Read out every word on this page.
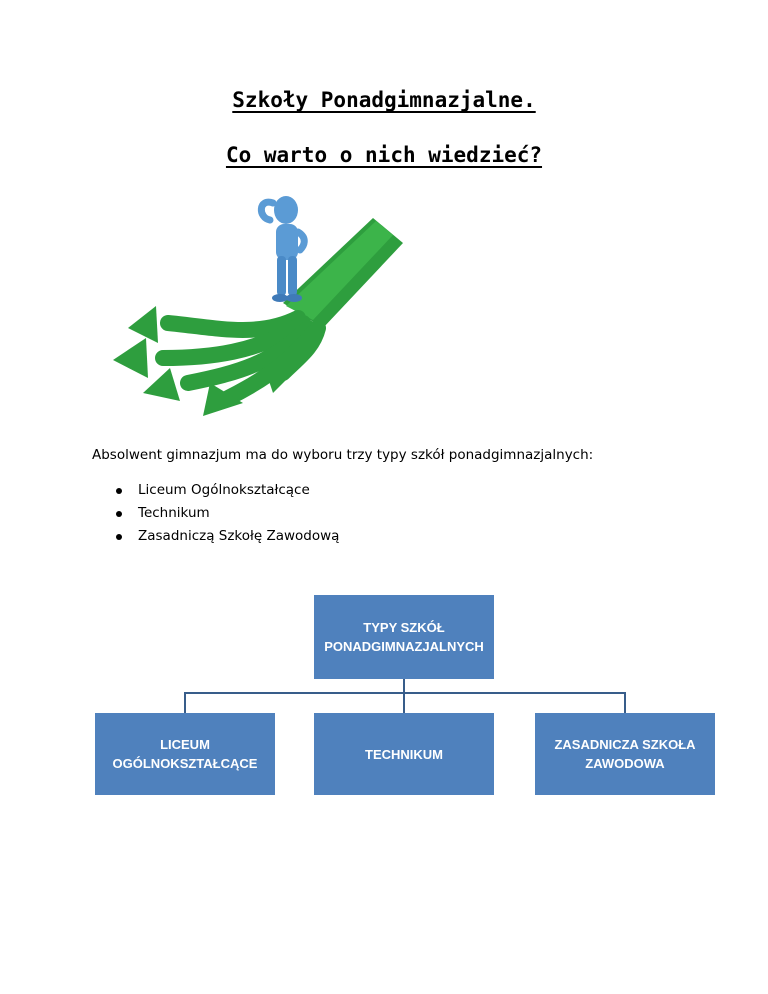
Szkoły Ponadgimnazjalne.
Co warto o nich wiedzieć?
Absolwent gimnazjum ma do wyboru trzy typy szkół ponadgimnazjalnych:
Liceum Ogólnokształcące
Technikum
Zasadniczą Szkołę Zawodową
TYPY SZKÓŁ
PONADGIMNAZJALNYCH
LICEUM
OGÓLNOKSZTAŁCĄCE
TECHNIKUM
ZASADNICZA SZKOŁA
ZAWODOWA
